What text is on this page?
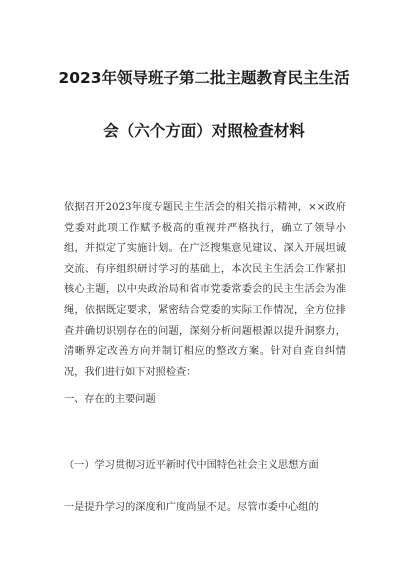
2023年领导班子第二批主题教育民主生活
会（六个方面）对照检查材料

依据召开2023年度专题民主生活会的相关指示精神，××政府党委对此项工作赋予极高的重视并严格执行，确立了领导小组，并拟定了实施计划。在广泛搜集意见建议、深入开展坦诚交流、有序组织研讨学习的基础上，本次民主生活会工作紧扣核心主题，以中央政治局和省市党委常委会的民主生活会为准绳，依据既定要求，紧密结合党委的实际工作情况，全方位排查并确切识别存在的问题，深刻分析问题根源以提升洞察力，清晰界定改善方向并制订相应的整改方案。针对自查自纠情况，我们进行如下对照检查：

一、存在的主要问题
（一）学习贯彻习近平新时代中国特色社会主义思想方面
一是提升学习的深度和广度尚显不足。尽管市委中心组的
